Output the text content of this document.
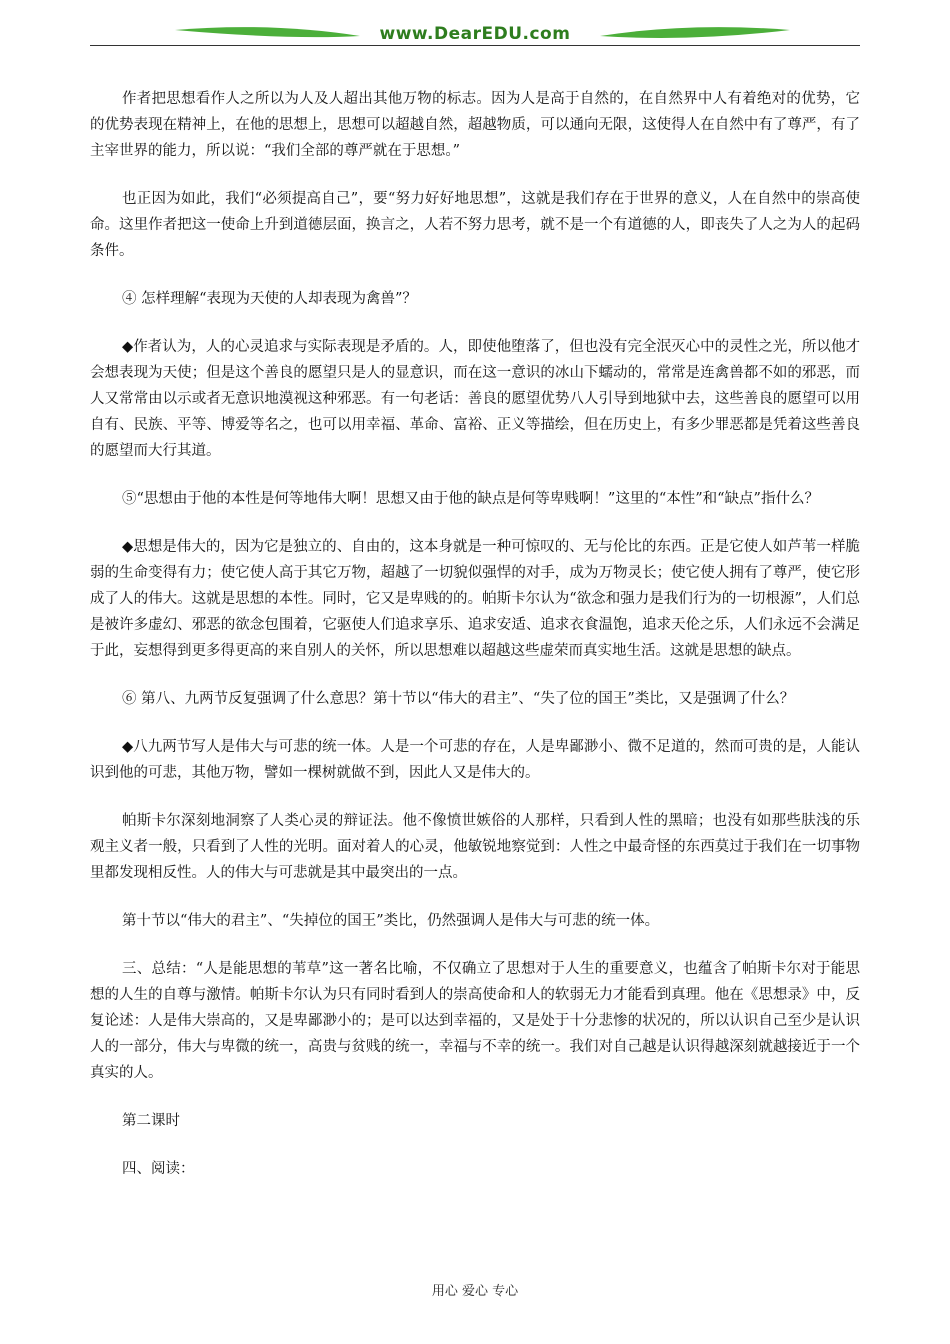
www.DearEDU.com

作者把思想看作人之所以为人及人超出其他万物的标志。因为人是高于自然的，在自然界中人有着绝对的优势，它的优势表现在精神上，在他的思想上，思想可以超越自然，超越物质，可以通向无限，这使得人在自然中有了尊严，有了主宰世界的能力，所以说：“我们全部的尊严就在于思想。”

也正因为如此，我们“必须提高自己”，要“努力好好地思想”，这就是我们存在于世界的意义，人在自然中的崇高使命。这里作者把这一使命上升到道德层面，换言之，人若不努力思考，就不是一个有道德的人，即丧失了人之为人的起码条件。

④ 怎样理解“表现为天使的人却表现为禽兽”？

◆作者认为，人的心灵追求与实际表现是矛盾的。人，即使他堕落了，但也没有完全泯灭心中的灵性之光，所以他才会想表现为天使；但是这个善良的愿望只是人的显意识，而在这一意识的冰山下蠕动的，常常是连禽兽都不如的邪恶，而人又常常由以示或者无意识地漠视这种邪恶。有一句老话：善良的愿望优势八人引导到地狱中去，这些善良的愿望可以用自有、民族、平等、博爱等名之，也可以用幸福、革命、富裕、正义等描绘，但在历史上，有多少罪恶都是凭着这些善良的愿望而大行其道。

⑤“思想由于他的本性是何等地伟大啊！思想又由于他的缺点是何等卑贱啊！”这里的“本性”和“缺点”指什么？

◆思想是伟大的，因为它是独立的、自由的，这本身就是一种可惊叹的、无与伦比的东西。正是它使人如芦苇一样脆弱的生命变得有力；使它使人高于其它万物，超越了一切貌似强悍的对手，成为万物灵长；使它使人拥有了尊严，使它形成了人的伟大。这就是思想的本性。同时，它又是卑贱的的。帕斯卡尔认为“欲念和强力是我们行为的一切根源”，人们总是被许多虚幻、邪恶的欲念包围着，它驱使人们追求享乐、追求安适、追求衣食温饱，追求天伦之乐，人们永远不会满足于此，妄想得到更多得更高的来自别人的关怀，所以思想难以超越这些虚荣而真实地生活。这就是思想的缺点。

⑥ 第八、九两节反复强调了什么意思？第十节以“伟大的君主”、“失了位的国王”类比，又是强调了什么？

◆八九两节写人是伟大与可悲的统一体。人是一个可悲的存在，人是卑鄙渺小、微不足道的，然而可贵的是，人能认识到他的可悲，其他万物，譬如一棵树就做不到，因此人又是伟大的。

帕斯卡尔深刻地洞察了人类心灵的辩证法。他不像愤世嫉俗的人那样，只看到人性的黑暗；也没有如那些肤浅的乐观主义者一般，只看到了人性的光明。面对着人的心灵，他敏锐地察觉到：人性之中最奇怪的东西莫过于我们在一切事物里都发现相反性。人的伟大与可悲就是其中最突出的一点。

第十节以“伟大的君主”、“失掉位的国王”类比，仍然强调人是伟大与可悲的统一体。

三、总结：“人是能思想的苇草”这一著名比喻，不仅确立了思想对于人生的重要意义，也蕴含了帕斯卡尔对于能思想的人生的自尊与激情。帕斯卡尔认为只有同时看到人的崇高使命和人的软弱无力才能看到真理。他在《思想录》中，反复论述：人是伟大崇高的，又是卑鄙渺小的；是可以达到幸福的，又是处于十分悲惨的状况的，所以认识自己至少是认识人的一部分，伟大与卑微的统一，高贵与贫贱的统一，幸福与不幸的统一。我们对自己越是认识得越深刻就越接近于一个真实的人。

第二课时

四、阅读：

用心 爱心 专心
